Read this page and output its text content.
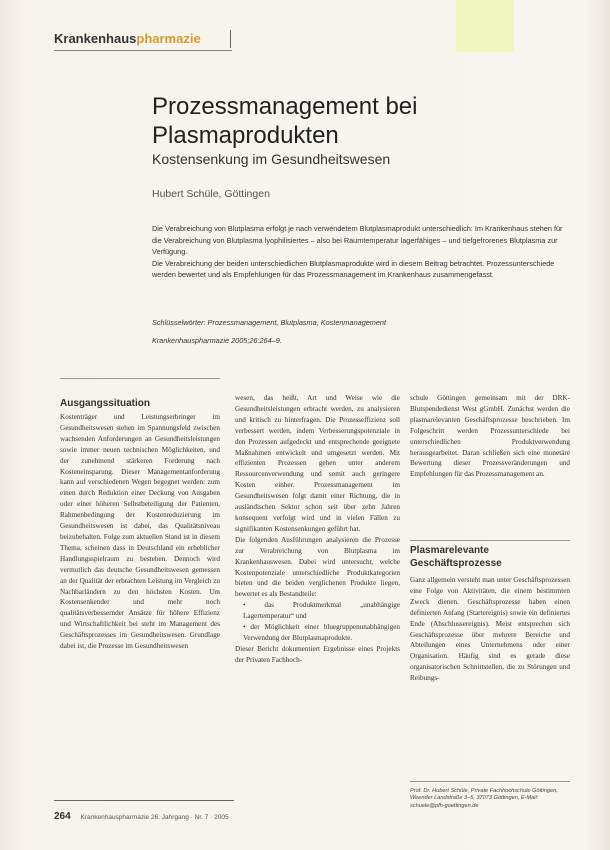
Krankenhauspharmazie
Prozessmanagement bei Plasmaprodukten
Kostensenkung im Gesundheitswesen
Hubert Schüle, Göttingen

Die Verabreichung von Blutplasma erfolgt je nach verwendetem Blutplasmaprodukt unterschiedlich: Im Krankenhaus stehen für die Verabreichung von Blutplasma lyophilisiertes – also bei Raumtemperatur lagerfähiges – und tiefgefrorenes Blutplasma zur Verfügung.

Die Verabreichung der beiden unterschiedlichen Blutplasmaprodukte wird in diesem Beitrag betrachtet. Prozessunterschiede werden bewertet und als Empfehlungen für das Prozessmanagement im Krankenhaus zusammengefasst.

Schlüsselwörter: Prozessmanagement, Blutplasma, Kostenmanagement
Krankenhauspharmazie 2005;26:264–9.
Ausgangssituation

Kostenträger und Leistungserbringer im Gesundheitswesen stehen im Spannungsfeld zwischen wachsenden Anforderungen an Gesundheitsleistungen sowie immer neuen technischen Möglichkeiten, und der zunehmend stärkeren Forderung nach Kosteneinsparung. Dieser Managementanforderung kann auf verschiedenen Wegen begegnet werden: zum einen durch Reduktion einer Deckung von Ausgaben oder einer höheren Selbstbeteiligung der Patienten, Rahmenbedingung der Kostenreduzierung im Gesundheitswesen ist dabei, das Qualitätsniveau beizubehalten. Folge zum aktuellen Stand ist in diesem Thema, scheinen dass in Deutschland ein erheblicher Handlungsspielraum zu bestehen. Dennoch wird vermutlich das deutsche Gesundheitswesen gemessen an der Qualität der erbrachten Leistung im Vergleich zu Nachbarländern zu den höchsten Kosten. Um Kostensenkender und mehr noch qualitätsverbessernder Ansätze für höhere Effizienz und Wirtschaftlichkeit bei steht im Management des Geschäftsprozesses im Gesundheitswesen. Grundlage dabei ist, die Prozesse im Gesundheitswesen

wesen, das heißt, Art und Weise wie die Gesundheitsleistungen erbracht werden, zu analysieren und kritisch zu hinterfragen. Die Prozesseffizienz soll verbessert werden, indem Verbesserungspotenziale in den Prozessen aufgedeckt und entsprechende geeignete Maßnahmen entwickelt und umgesetzt werden. Mit effizienten Prozessen gehen unter anderem Ressourcenverwendung und somit auch geringere Kosten einher. Prozessmanagement im Gesundheitswesen folgt damit einer Richtung, die in ausländischen Sektor schon seit über zehn Jahren konsequent verfolgt wird und in vielen Fällen zu signifikanten Kostensenkungen geführt hat.

Die folgenden Ausführungen analysieren die Prozesse zur Verabreichung von Blutplasma im Krankenhauswesen. Dabei wird untersucht, welche Kostenpotenziale unterschiedliche Produktkategorien bieten und die beiden verglichenen Produkte liegen, bewertet es als Bestandteile:

• das Produktmerkmal „unabhängige Lagertemperatur“ und
• der Möglichkeit einer bluegruppenunabhängigen Verwendung der Blutplasmaprodukte.

Dieser Bericht dokumentiert Ergebnisse eines Projekts der Privaten Fachhoch-

schule Göttingen gemeinsam mit der DRK-Blutspendedienst West gGmbH. Zunächst werden die plasmarelevanten Geschäftsprozesse beschrieben. Im Folgeschritt werden Prozessunterschiede bei unterschiedlichen Produktverwendung herausgearbeitet. Daran schließen sich eine monetäre Bewertung dieser Prozessveränderungen und Empfehlungen für das Prozessmanagement an.

Plasmarelevante Geschäftsprozesse

Ganz allgemein versteht man unter Geschäftsprozessen eine Folge von Aktivitäten, die einem bestimmten Zweck dienen. Geschäftsprozesse haben einen definierten Anfang (Startereignis) sowie ein definiertes Ende (Abschlussereignis). Meist entsprechen sich Geschäftsprozesse über mehrere Bereiche und Abteilungen eines Unternehmens oder einer Organisation. Häufig sind es gerade diese organisatorischen Schnittstellen, die zu Störungen und Reibungs-

Prof. Dr. Hubert Schüle, Private Fachhochschule Göttingen, Weender Landstraße 3–5, 37073 Göttingen, E-Mail: schuele@pfh-goettingen.de
264 Krankenhauspharmazie 26. Jahrgang · Nr. 7 · 2005
